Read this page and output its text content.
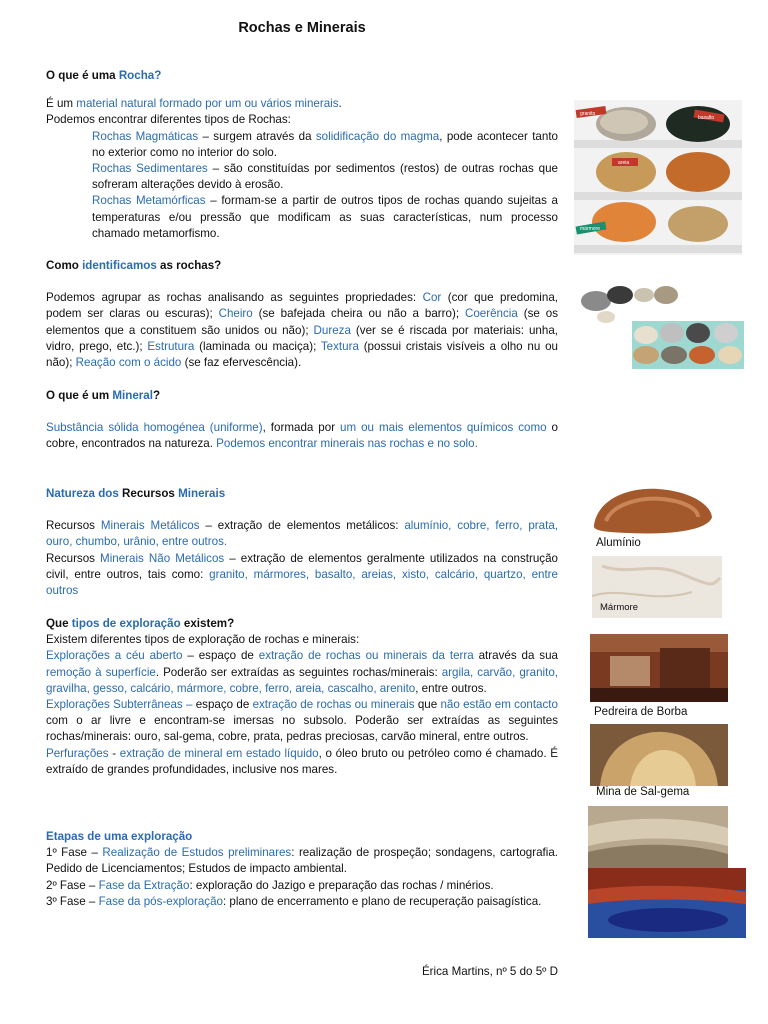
Rochas e Minerais

O que é uma Rocha?

É um material natural formado por um ou vários minerais.

Podemos encontrar diferentes tipos de Rochas:

Rochas Magmáticas – surgem através da solidificação do magma, pode acontecer tanto no exterior como no interior do solo.

Rochas Sedimentares – são constituídas por sedimentos (restos) de outras rochas que sofreram alterações devido à erosão.

Rochas Metamórficas – formam-se a partir de outros tipos de rochas quando sujeitas a temperaturas e/ou pressão que modificam as suas características, num processo chamado metamorfismo.

Como identificamos as rochas?

Podemos agrupar as rochas analisando as seguintes propriedades: Cor (cor que predomina, podem ser claras ou escuras); Cheiro (se bafejada cheira ou não a barro); Coerência (se os elementos que a constituem são unidos ou não); Dureza (ver se é riscada por materiais: unha, vidro, prego, etc.); Estrutura (laminada ou maciça); Textura (possui cristais visíveis a olho nu ou não); Reação com o ácido (se faz efervescência).

O que é um Mineral?

Substância sólida homogénea (uniforme), formada por um ou mais elementos químicos como o cobre, encontrados na natureza. Podemos encontrar minerais nas rochas e no solo.

Natureza dos Recursos Minerais

Recursos Minerais Metálicos – extração de elementos metálicos: alumínio, cobre, ferro, prata, ouro, chumbo, urânio, entre outros.

Recursos Minerais Não Metálicos – extração de elementos geralmente utilizados na construção civil, entre outros, tais como: granito, mármores, basalto, areias, xisto, calcário, quartzo, entre outros

Que tipos de exploração existem?

Existem diferentes tipos de exploração de rochas e minerais:

Explorações a céu aberto – espaço de extração de rochas ou minerais da terra através da sua remoção à superfície. Poderão ser extraídas as seguintes rochas/minerais: argila, carvão, granito, gravilha, gesso, calcário, mármore, cobre, ferro, areia, cascalho, arenito, entre outros.

Explorações Subterrâneas – espaço de extração de rochas ou minerais que não estão em contacto com o ar livre e encontram-se imersas no subsolo. Poderão ser extraídas as seguintes rochas/minerais: ouro, sal-gema, cobre, prata, pedras preciosas, carvão mineral, entre outros.

Perfurações - extração de mineral em estado líquido, o óleo bruto ou petróleo como é chamado. É extraído de grandes profundidades, inclusive nos mares.

Etapas de uma exploração

1º Fase – Realização de Estudos preliminares: realização de prospeção; sondagens, cartografia. Pedido de Licenciamentos; Estudos de impacto ambiental.

2º Fase – Fase da Extração: exploração do Jazigo e preparação das rochas / minérios.

3º Fase – Fase da pós-exploração: plano de encerramento e plano de recuperação paisagística.

Érica Martins, nº 5 do 5º D
granito
basalto
areia
mármore
Alumínio
Mármore
Pedreira de Borba
Mina de Sal-gema
